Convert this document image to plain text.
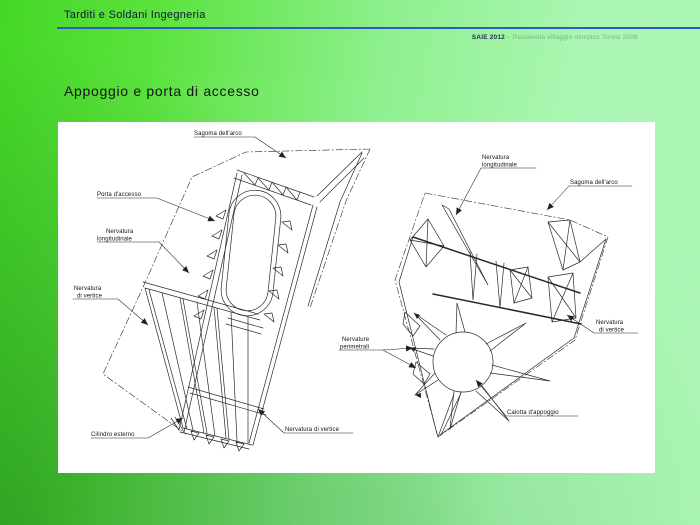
Tarditi e Soldani Ingegneria
SAIE 2012 – Passerella villaggio olimpico Torino 2006
Appoggio e porta di accesso
Sagoma dell'arco
Porta d'accesso
Nervatura
longitudinale
Nervatura
di vertice
Cilindro esterno
Nervatura di vertice
Nervatura
longitudinale
Sagoma dell'arco
Nervatura
di vertice
Nervature
perimetrali
Calotta d'appoggio
